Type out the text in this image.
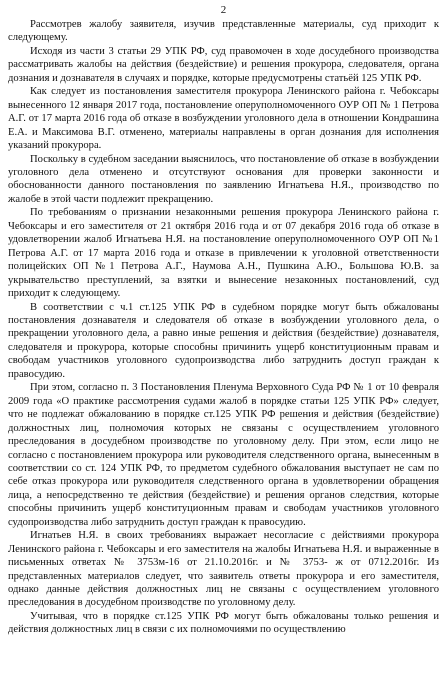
2

Рассмотрев жалобу заявителя, изучив представленные материалы, суд приходит к следующему.

Исходя из части 3 статьи 29 УПК РФ, суд правомочен в ходе досудебного производства рассматривать жалобы на действия (бездействие) и решения прокурора, следователя, органа дознания и дознавателя в случаях и порядке, которые предусмотрены статьёй 125 УПК РФ.

Как следует из постановления заместителя прокурора Ленинского района г. Чебоксары вынесенного 12 января 2017 года, постановление оперуполномоченного ОУР ОП № 1 Петрова А.Г. от 17 марта 2016 года об отказе в возбуждении уголовного дела в отношении Кондрашина Е.А. и Максимова В.Г. отменено, материалы направлены в орган дознания для исполнения указаний прокурора.

Поскольку в судебном заседании выяснилось, что постановление об отказе в возбуждении уголовного дела отменено и отсутствуют основания для проверки законности и обоснованности данного постановления по заявлению Игнатьева Н.Я., производство по жалобе в этой части подлежит прекращению.

По требованиям о признании незаконными решения прокурора Ленинского района г. Чебоксары и его заместителя от 21 октября 2016 года и от 07 декабря 2016 года об отказе в удовлетворении жалоб Игнатьева Н.Я. на постановление оперуполномоченного ОУР ОП №1 Петрова А.Г. от 17 марта 2016 года и отказе в привлечении к уголовной ответственности полицейских ОП №1 Петрова А.Г., Наумова А.Н., Пушкина А.Ю., Большова Ю.В. за укрывательство преступлений, за взятки и вынесение незаконных постановлений, суд приходит к следующему.

В соответствии с ч.1 ст.125 УПК РФ в судебном порядке могут быть обжалованы постановления дознавателя и следователя об отказе в возбуждении уголовного дела, о прекращении уголовного дела, а равно иные решения и действия (бездействие) дознавателя, следователя и прокурора, которые способны причинить ущерб конституционным правам и свободам участников уголовного судопроизводства либо затруднить доступ граждан к правосудию.

При этом, согласно п. 3 Постановления Пленума Верховного Суда РФ № 1 от 10 февраля 2009 года «О практике рассмотрения судами жалоб в порядке статьи 125 УПК РФ» следует, что не подлежат обжалованию в порядке ст.125 УПК РФ решения и действия (бездействие) должностных лиц, полномочия которых не связаны с осуществлением уголовного преследования в досудебном производстве по уголовному делу. При этом, если лицо не согласно с постановлением прокурора или руководителя следственного органа, вынесенным в соответствии со ст. 124 УПК РФ, то предметом судебного обжалования выступает не сам по себе отказ прокурора или руководителя следственного органа в удовлетворении обращения лица, а непосредственно те действия (бездействие) и решения органов следствия, которые способны причинить ущерб конституционным правам и свободам участников уголовного судопроизводства либо затруднить доступ граждан к правосудию.

Игнатьев Н.Я. в своих требованиях выражает несогласие с действиями прокурора Ленинского района г. Чебоксары и его заместителя на жалобы Игнатьева Н.Я. и выраженные в письменных ответах № 3753м-16 от 21.10.2016г. и № 3753- ж от 0712.2016г. Из представленных материалов следует, что заявитель ответы прокурора и его заместителя, однако данные действия должностных лиц не связаны с осуществлением уголовного преследования в досудебном производстве по уголовному делу.

Учитывая, что в порядке ст.125 УПК РФ могут быть обжалованы только решения и действия должностных лиц в связи с их полномочиями по осуществлению
